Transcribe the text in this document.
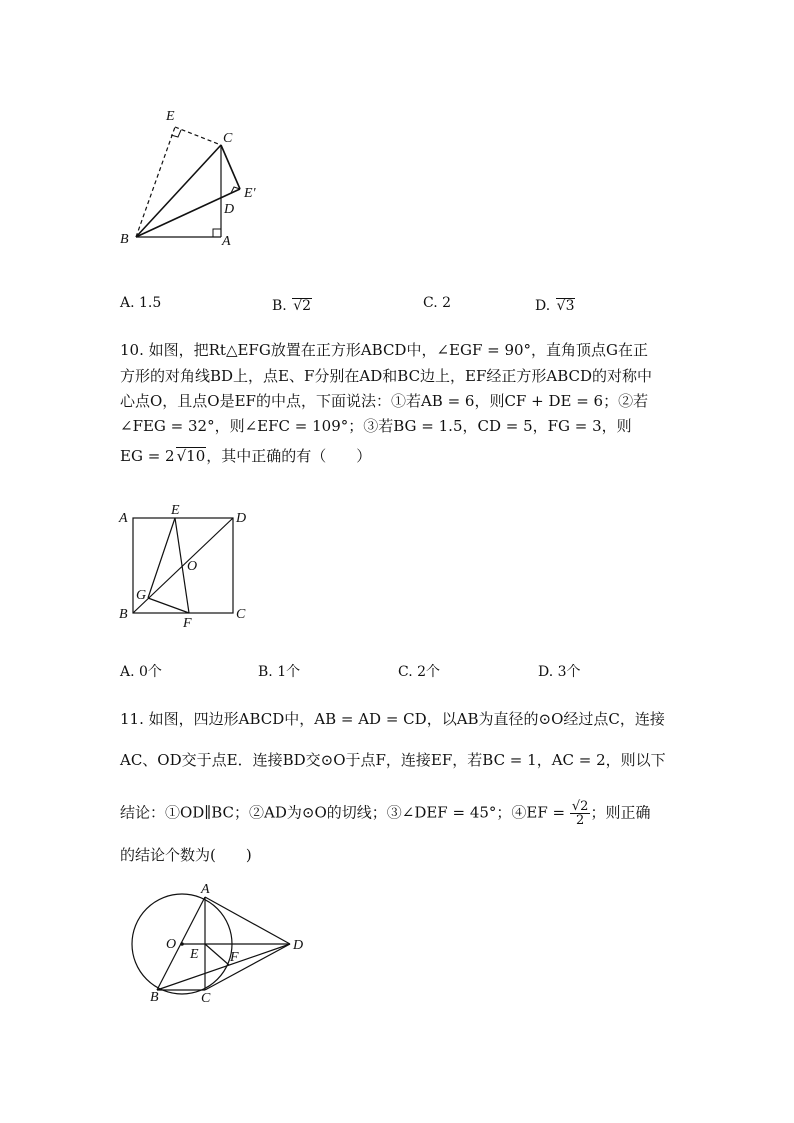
E
C
E'
D
B	A
A. 1.5	B. √2	C. 2	D. √3
10. 如图，把Rt△EFG放置在正方形ABCD中，∠EGF = 90°，直角顶点G在正
方形的对角线BD上，点E、F分别在AD和BC边上，EF经正方形ABCD的对称中
心点O，且点O是EF的中点，下面说法：①若AB = 6，则CF + DE = 6；②若
∠FEG = 32°，则∠EFC = 109°；③若BG = 1.5，CD = 5，FG = 3，则
EG = 2 √10，其中正确的有（　　）
A
E
D
O
G
B
F
C
A. 0个	B. 1个	C. 2个	D. 3个
11. 如图，四边形ABCD中，AB = AD = CD，以AB为直径的⊙O经过点C，连接
AC、OD交于点E．连接BD交⊙O于点F，连接EF，若BC = 1，AC = 2，则以下
结论：①OD∥BC；②AD为⊙O的切线；③∠DEF = 45°；④EF = $\frac{√2}{2}$ ；则正确
的结论个数为(　　)
A
O
E F
D
B	C
